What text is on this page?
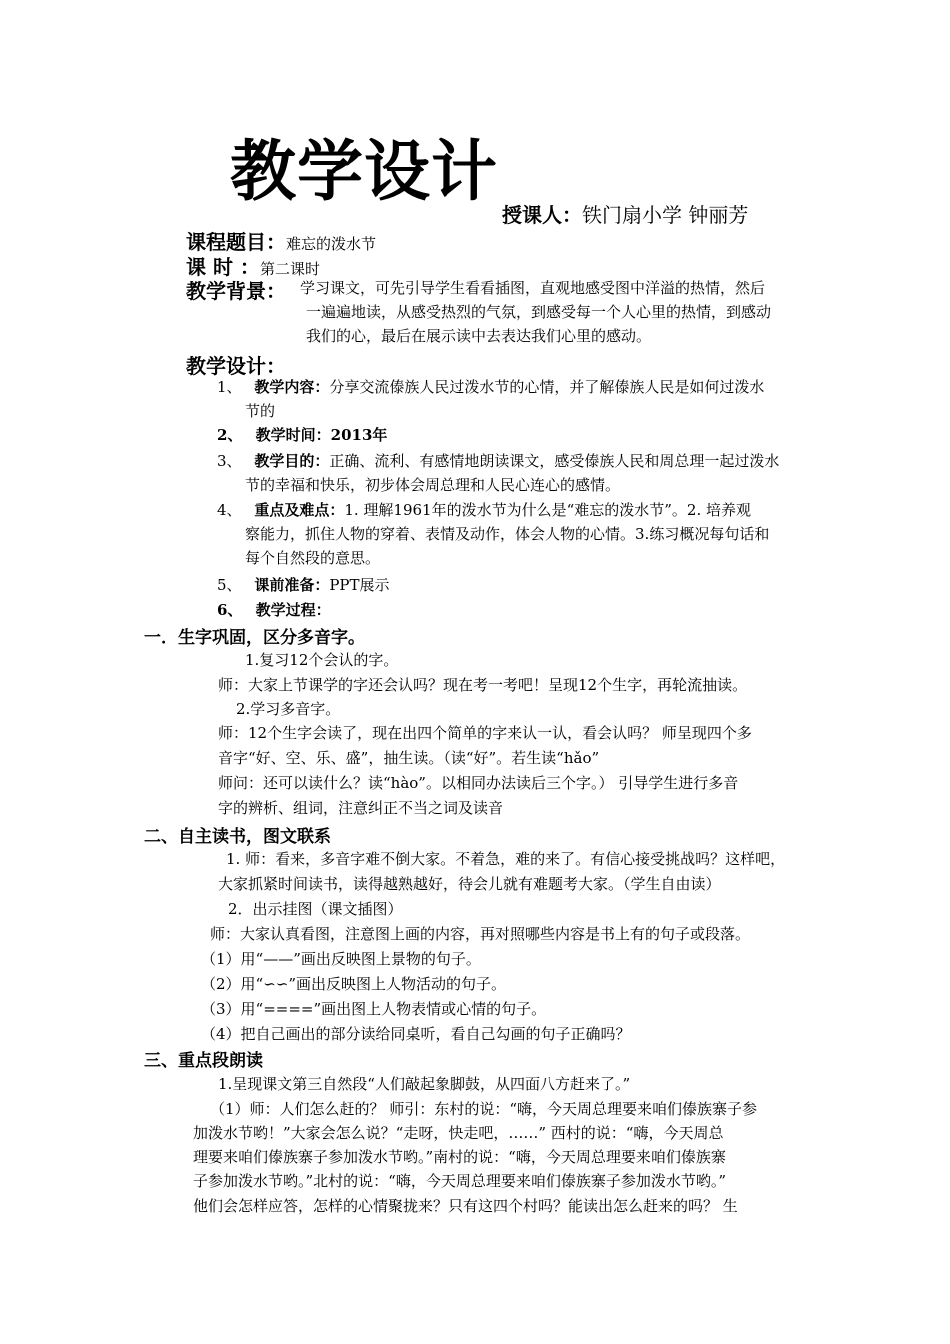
教学设计
授课人：铁门扇小学 钟丽芳
课程题目：难忘的泼水节
课 时 ：第二课时
教学背景： 学习课文，可先引导学生看看插图，直观地感受图中洋溢的热情，然后
一遍遍地读，从感受热烈的气氛，到感受每一个人心里的热情，到感动
我们的心，最后在展示读中去表达我们心里的感动。
教学设计：
1、 教学内容：分享交流傣族人民过泼水节的心情，并了解傣族人民是如何过泼水
节的
2、 教学时间：2013年
3、 教学目的：正确、流利、有感情地朗读课文，感受傣族人民和周总理一起过泼水
节的幸福和快乐，初步体会周总理和人民心连心的感情。
4、 重点及难点：1. 理解1961年的泼水节为什么是“难忘的泼水节”。2. 培养观
察能力，抓住人物的穿着、表情及动作，体会人物的心情。3.练习概况每句话和
每个自然段的意思。
5、 课前准备：PPT展示
6、 教学过程：
一．生字巩固，区分多音字。
1.复习12个会认的字。
师：大家上节课学的字还会认吗？现在考一考吧！呈现12个生字，再轮流抽读。
2.学习多音字。
师：12个生字会读了，现在出四个简单的字来认一认，看会认吗？ 师呈现四个多
音字“好、空、乐、盛”，抽生读。（读“好”。若生读“hǎo”
师问：还可以读什么？读“hào”。以相同办法读后三个字。） 引导学生进行多音
字的辨析、组词，注意纠正不当之词及读音
二、自主读书，图文联系
1. 师：看来，多音字难不倒大家。不着急，难的来了。有信心接受挑战吗？这样吧，
大家抓紧时间读书，读得越熟越好，待会儿就有难题考大家。（学生自由读）
2．出示挂图（课文插图）
师：大家认真看图，注意图上画的内容，再对照哪些内容是书上有的句子或段落。
（1）用“——”画出反映图上景物的句子。
（2）用“∽∽”画出反映图上人物活动的句子。
（3）用“====”画出图上人物表情或心情的句子。
（4）把自己画出的部分读给同桌听，看自己勾画的句子正确吗？
三、重点段朗读
1.呈现课文第三自然段“人们敲起象脚鼓，从四面八方赶来了。”
（1）师：人们怎么赶的？ 师引：东村的说：“嗨，今天周总理要来咱们傣族寨子参
加泼水节哟！”大家会怎么说？“走呀，快走吧，……” 西村的说：“嗨，今天周总
理要来咱们傣族寨子参加泼水节哟。”南村的说：“嗨，今天周总理要来咱们傣族寨
子参加泼水节哟。”北村的说：“嗨，今天周总理要来咱们傣族寨子参加泼水节哟。”
他们会怎样应答，怎样的心情聚拢来？只有这四个村吗？能读出怎么赶来的吗？ 生
